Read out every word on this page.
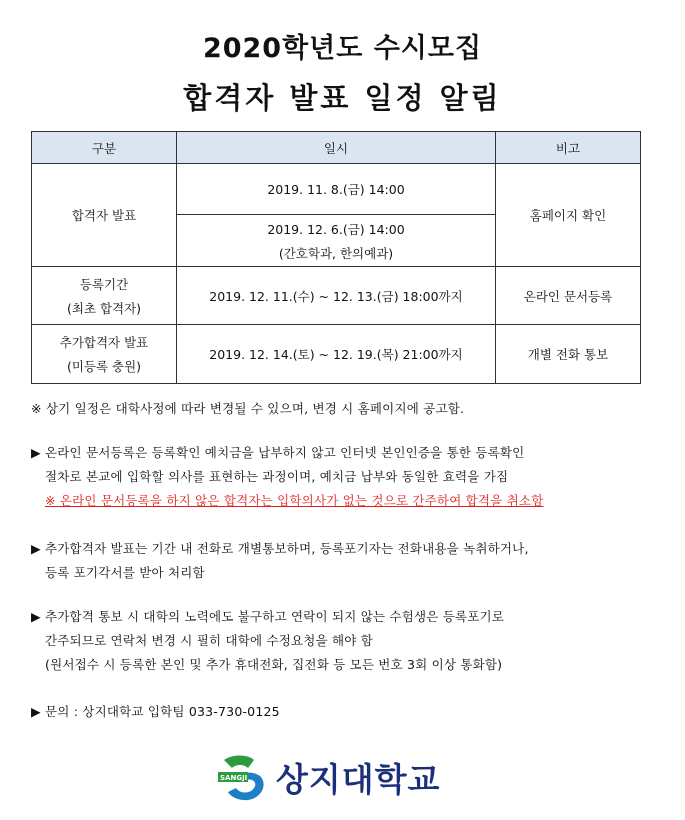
2020학년도 수시모집
합격자 발표 일정 알림
구분	일시	비고
합격자 발표	2019. 11. 8.(금) 14:00	홈페이지 확인
	2019. 12. 6.(금) 14:00
(간호학과, 한의예과)	

등록기간
(최초 합격자)	2019. 12. 11.(수) ~ 12. 13.(금) 18:00까지	온라인 문서등록
추가합격자 발표
(미등록 충원)	2019. 12. 14.(토) ~ 12. 19.(목) 21:00까지	개별 전화 통보
※ 상기 일정은 대학사정에 따라 변경될 수 있으며, 변경 시 홈페이지에 공고함.
▶ 온라인 문서등록은 등록확인 예치금을 납부하지 않고 인터넷 본인인증을 통한 등록확인
절차로 본교에 입학할 의사를 표현하는 과정이며, 예치금 납부와 동일한 효력을 가짐
※ 온라인 문서등록을 하지 않은 합격자는 입학의사가 없는 것으로 간주하여 합격을 취소함
▶ 추가합격자 발표는 기간 내 전화로 개별통보하며, 등록포기자는 전화내용을 녹취하거나,
등록 포기각서를 받아 처리함
▶ 추가합격 통보 시 대학의 노력에도 불구하고 연락이 되지 않는 수험생은 등록포기로
간주되므로 연락처 변경 시 필히 대학에 수정요청을 해야 함
(원서접수 시 등록한 본인 및 추가 휴대전화, 집전화 등 모든 번호 3회 이상 통화함)
▶ 문의 : 상지대학교 입학팀 033-730-0125
SANGJI 상지대학교
